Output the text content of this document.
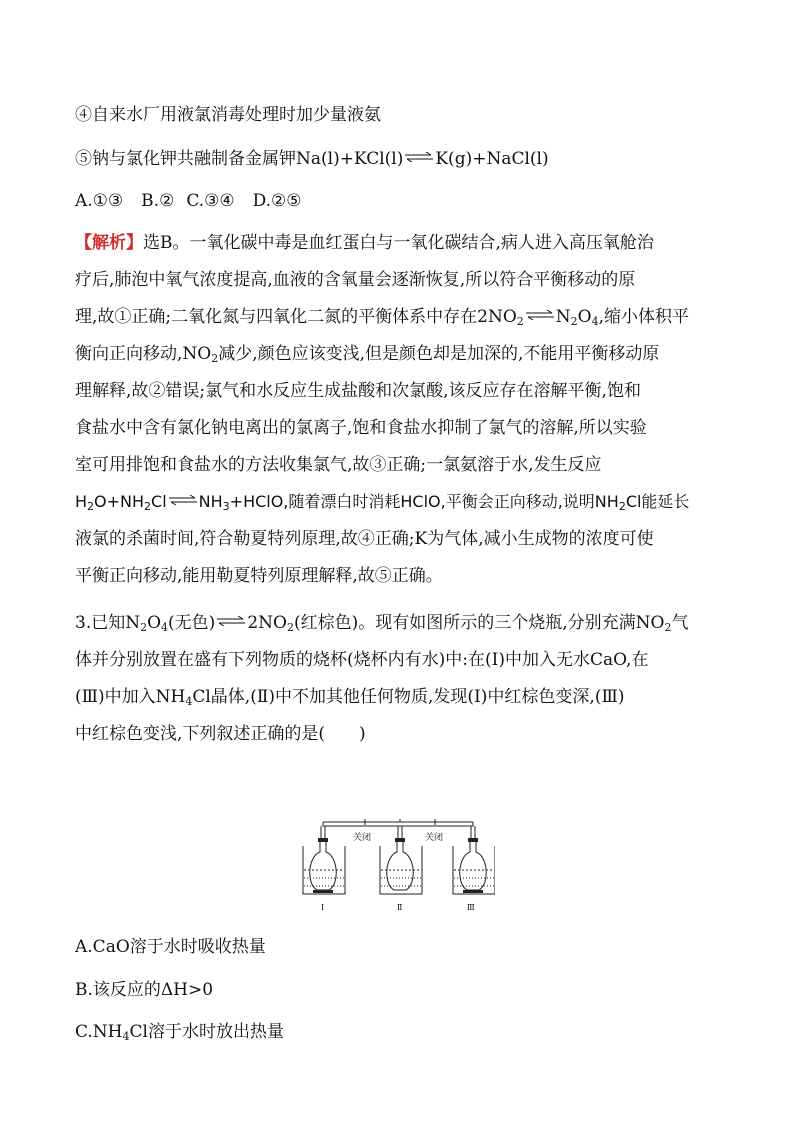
④自来水厂用液氯消毒处理时加少量液氨
⑤钠与氯化钾共融制备金属钾Na(l)+KCl(l)⇌K(g)+NaCl(l)
A.①③ B.② C.③④ D.②⑤
【解析】选B。一氧化碳中毒是血红蛋白与一氧化碳结合,病人进入高压氧舱治
疗后,肺泡中氧气浓度提高,血液的含氧量会逐渐恢复,所以符合平衡移动的原
理,故①正确;二氧化氮与四氧化二氮的平衡体系中存在$2NO_2\rightleftharpoons N_2O_4$,缩小体积平
衡向正向移动$,NO_2$减少,颜色应该变浅,但是颜色却是加深的,不能用平衡移动原
理解释,故②错误;氯气和水反应生成盐酸和次氯酸,该反应存在溶解平衡,饱和
食盐水中含有氯化钠电离出的氯离子,饱和食盐水抑制了氯气的溶解,所以实验
室可用排饱和食盐水的方法收集氯气,故③正确;一氯氨溶于水,发生反应
$H_2O+NH_2Cl\rightleftharpoons NH_3+HClO$,随着漂白时消耗HClO,平衡会正向移动,说明$NH_2Cl$能延长
液氯的杀菌时间,符合勒夏特列原理,故④正确;K为气体,减小生成物的浓度可使
平衡正向移动,能用勒夏特列原理解释,故⑤正确。
3.已知$N_2O_4$(无色)$\rightleftharpoons 2NO_2$(红棕色)。现有如图所示的三个烧瓶,分别充满$NO_2$气
体并分别放置在盛有下列物质的烧杯(烧杯内有水)中:在(Ⅰ)中加入无水CaO,在
(Ⅲ)中加入$NH_4Cl$晶体,(Ⅱ)中不加其他任何物质,发现(Ⅰ)中红棕色变深,(Ⅲ)
中红棕色变浅,下列叙述正确的是(　　)
关闭	关闭
Ⅰ	Ⅱ	Ⅲ
A.CaO溶于水时吸收热量
B.该反应的ΔH>0
$C.NH_4Cl$溶于水时放出热量
